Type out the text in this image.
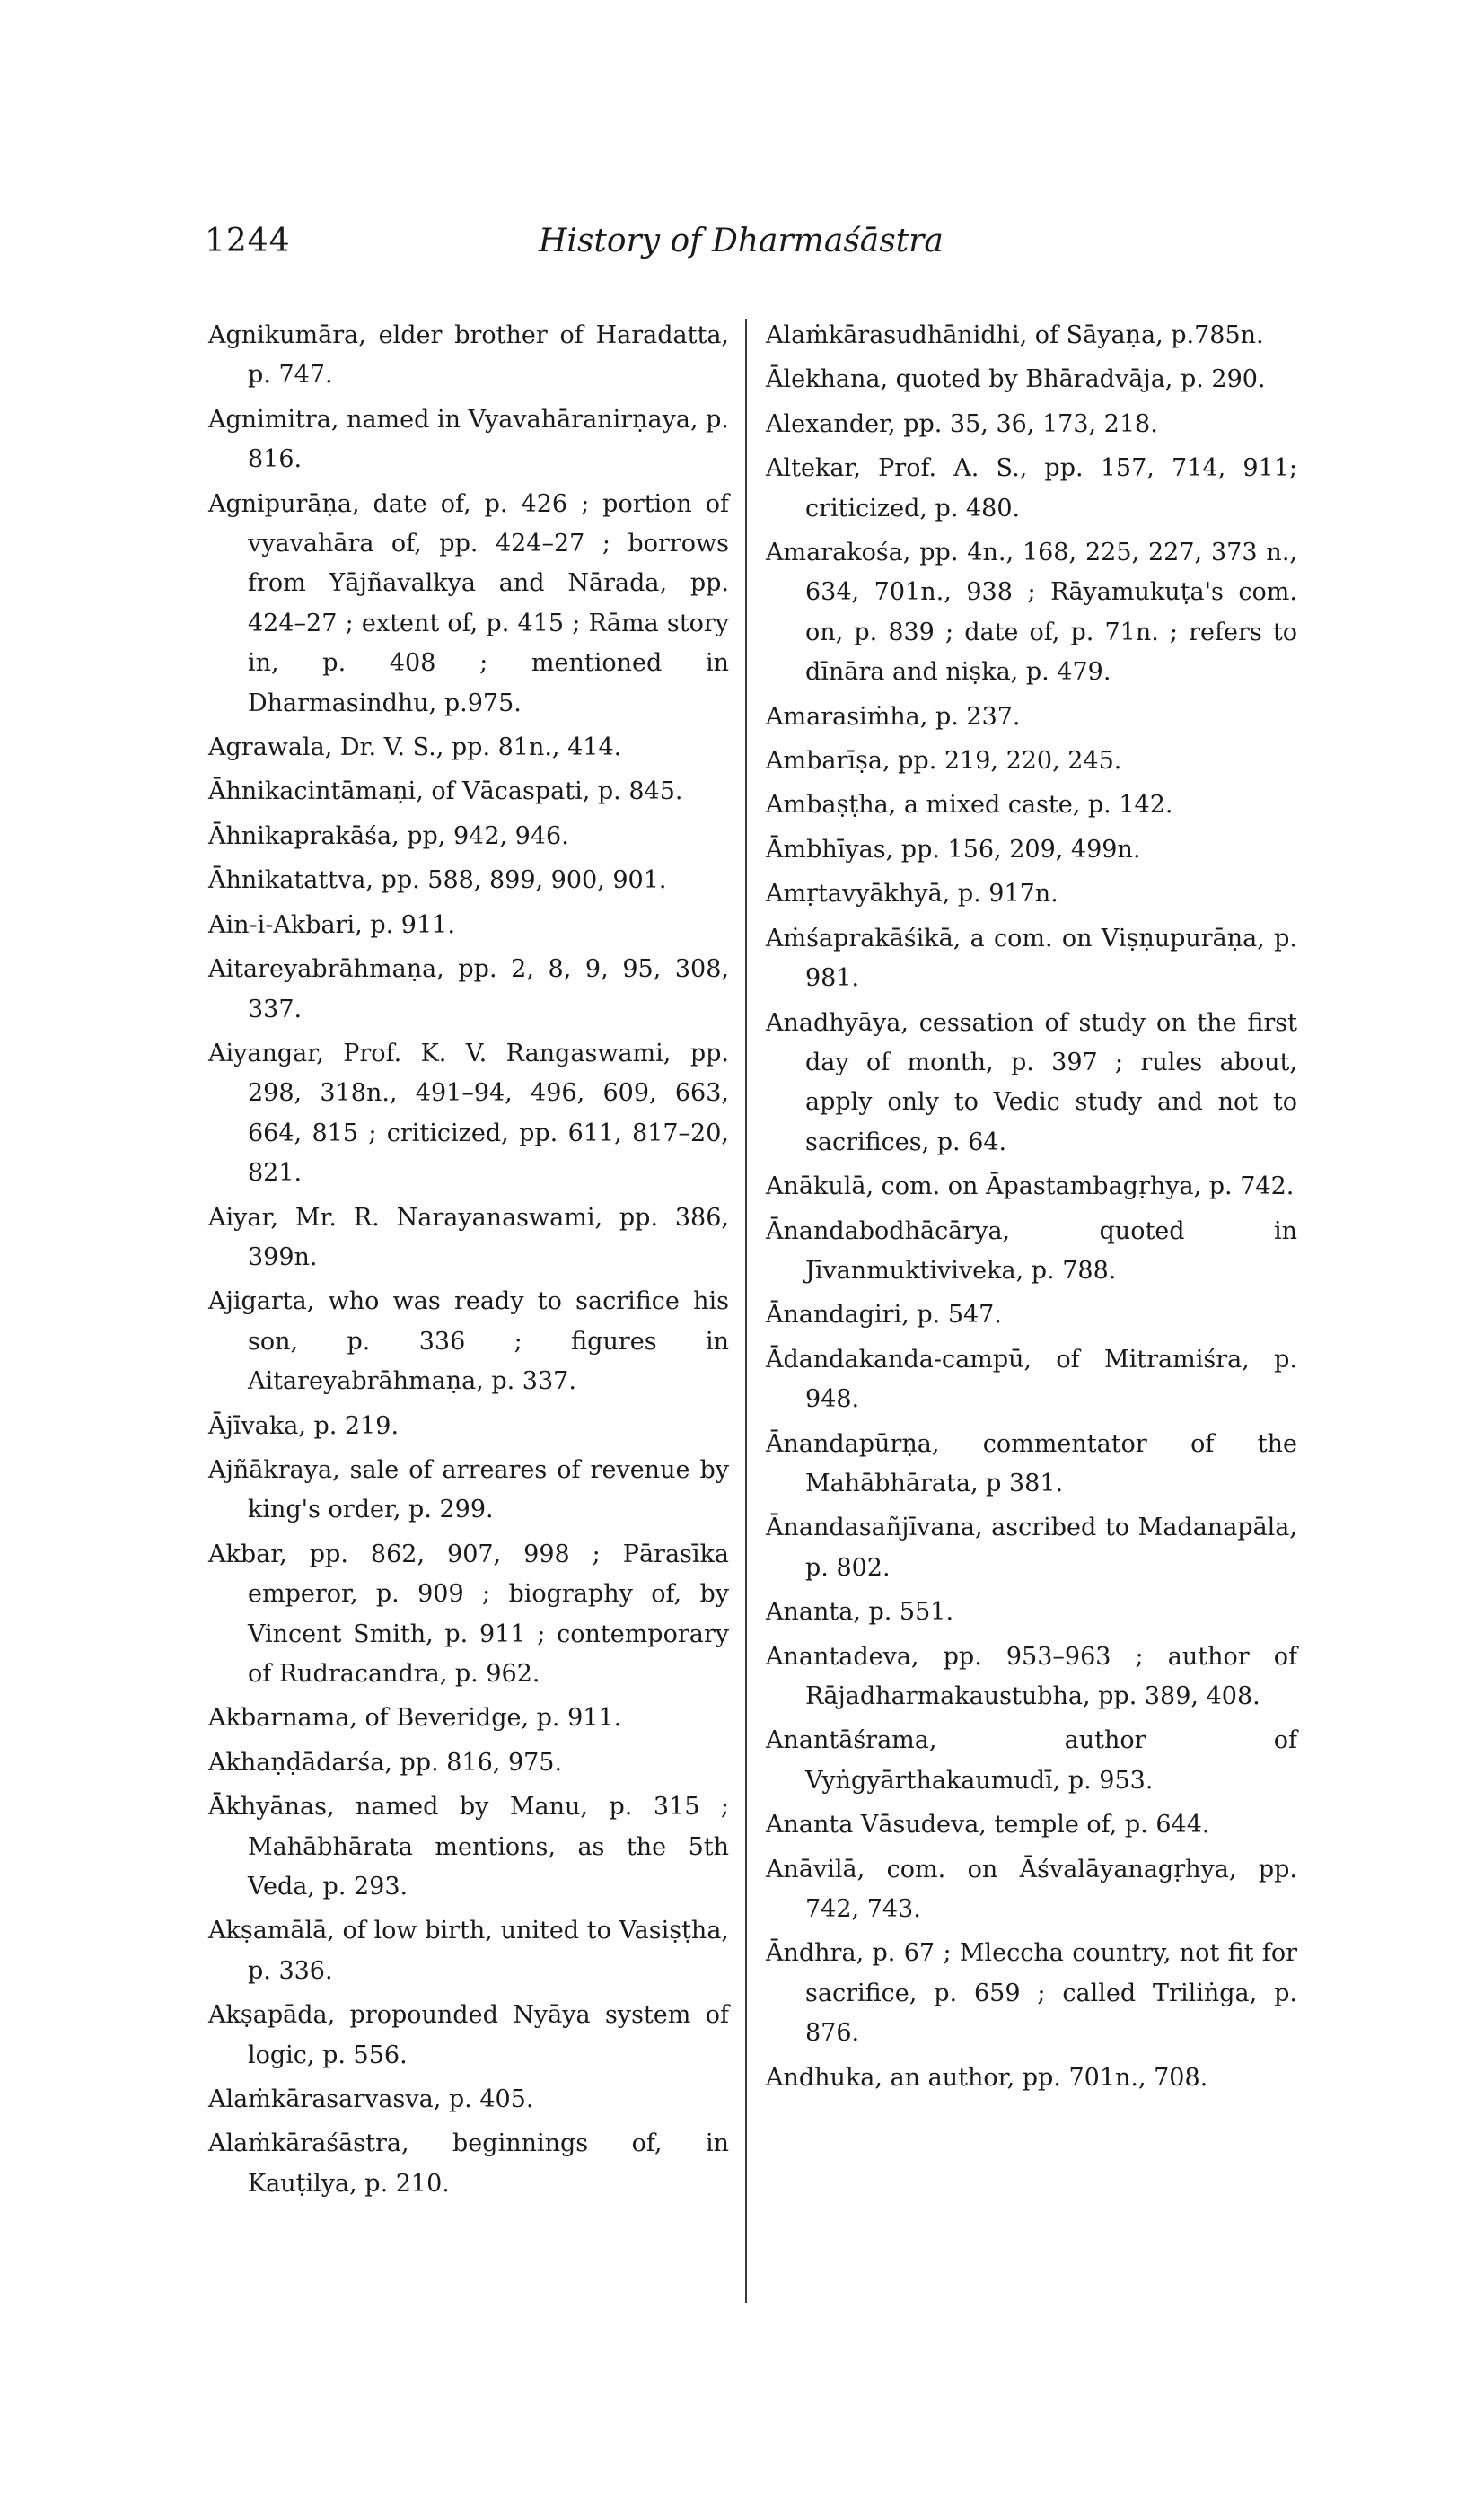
1244	History of Dharmaśāstra

Agnikumāra, elder brother of Haradatta, p. 747.

Agnimitra, named in Vyavahāranirṇaya, p. 816.

Agnipurāṇa, date of, p. 426 ; portion of vyavahāra of, pp. 424–27 ; borrows from Yājñavalkya and Nārada, pp. 424–27 ; extent of, p. 415 ; Rāma story in, p. 408 ; mentioned in Dharmasindhu, p.975.

Agrawala, Dr. V. S., pp. 81n., 414.

Āhnikacintāmaṇi, of Vācaspati, p. 845.

Āhnikaprakāśa, pp, 942, 946.

Āhnikatattva, pp. 588, 899, 900, 901.

Ain-i-Akbari, p. 911.

Aitareyabrāhmaṇa, pp. 2, 8, 9, 95, 308, 337.

Aiyangar, Prof. K. V. Rangaswami, pp. 298, 318n., 491–94, 496, 609, 663, 664, 815 ; criticized, pp. 611, 817–20, 821.

Aiyar, Mr. R. Narayanaswami, pp. 386, 399n.

Ajigarta, who was ready to sacrifice his son, p. 336 ; figures in Aitareyabrāhmaṇa, p. 337.

Ājīvaka, p. 219.

Ajñākraya, sale of arreares of revenue by king's order, p. 299.

Akbar, pp. 862, 907, 998 ; Pārasīka emperor, p. 909 ; biography of, by Vincent Smith, p. 911 ; contemporary of Rudracandra, p. 962.

Akbarnama, of Beveridge, p. 911.

Akhaṇḍādarśa, pp. 816, 975.

Ākhyānas, named by Manu, p. 315 ; Mahābhārata mentions, as the 5th Veda, p. 293.

Akṣamālā, of low birth, united to Vasiṣṭha, p. 336.

Akṣapāda, propounded Nyāya system of logic, p. 556.

Alaṁkārasarvasva, p. 405.

Alaṁkāraśāstra, beginnings of, in Kauṭilya, p. 210.

Alaṁkārasudhānidhi, of Sāyaṇa, p.785n.

Ālekhana, quoted by Bhāradvāja, p. 290.

Alexander, pp. 35, 36, 173, 218.

Altekar, Prof. A. S., pp. 157, 714, 911; criticized, p. 480.

Amarakośa, pp. 4n., 168, 225, 227, 373 n., 634, 701n., 938 ; Rāyamukuṭa's com. on, p. 839 ; date of, p. 71n. ; refers to dīnāra and niṣka, p. 479.

Amarasiṁha, p. 237.

Ambarīṣa, pp. 219, 220, 245.

Ambaṣṭha, a mixed caste, p. 142.

Āmbhīyas, pp. 156, 209, 499n.

Amṛtavyākhyā, p. 917n.

Aṁśaprakāśikā, a com. on Viṣṇupurāṇa, p. 981.

Anadhyāya, cessation of study on the first day of month, p. 397 ; rules about, apply only to Vedic study and not to sacrifices, p. 64.

Anākulā, com. on Āpastambagṛhya, p. 742.

Ānandabodhācārya, quoted in Jīvanmuktiviveka, p. 788.

Ānandagiri, p. 547.

Ādandakanda-campū, of Mitramiśra, p. 948.

Ānandapūrṇa, commentator of the Mahābhārata, p 381.

Ānandasañjīvana, ascribed to Madanapāla, p. 802.

Ananta, p. 551.

Anantadeva, pp. 953–963 ; author of Rājadharmakaustubha, pp. 389, 408.

Anantāśrama, author of Vyṅgyārthakaumudī, p. 953.

Ananta Vāsudeva, temple of, p. 644.

Anāvilā, com. on Āśvalāyanagṛhya, pp. 742, 743.

Āndhra, p. 67 ; Mleccha country, not fit for sacrifice, p. 659 ; called Triliṅga, p. 876.

Andhuka, an author, pp. 701n., 708.
